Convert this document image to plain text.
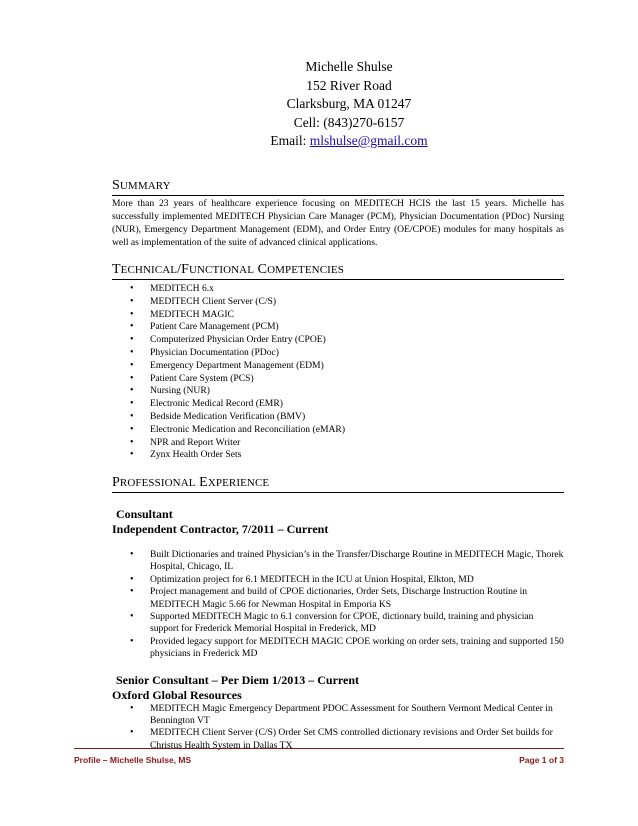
Michelle Shulse
152 River Road
Clarksburg, MA 01247
Cell: (843)270-6157
Email: mlshulse@gmail.com
SUMMARY
More than 23 years of healthcare experience focusing on MEDITECH HCIS the last 15 years. Michelle has successfully implemented MEDITECH Physician Care Manager (PCM), Physician Documentation (PDoc) Nursing (NUR), Emergency Department Management (EDM), and Order Entry (OE/CPOE) modules for many hospitals as well as implementation of the suite of advanced clinical applications.
TECHNICAL/FUNCTIONAL COMPETENCIES
• MEDITECH 6.x
• MEDITECH Client Server (C/S)
• MEDITECH MAGIC
• Patient Care Management (PCM)
• Computerized Physician Order Entry (CPOE)
• Physician Documentation (PDoc)
• Emergency Department Management (EDM)
• Patient Care System (PCS)
• Nursing (NUR)
• Electronic Medical Record (EMR)
• Bedside Medication Verification (BMV)
• Electronic Medication and Reconciliation (eMAR)
• NPR and Report Writer
• Zynx Health Order Sets
PROFESSIONAL EXPERIENCE
Consultant
Independent Contractor, 7/2011 – Current
• Built Dictionaries and trained Physician’s in the Transfer/Discharge Routine in MEDITECH Magic, Thorek Hospital, Chicago, IL
• Optimization project for 6.1 MEDITECH in the ICU at Union Hospital, Elkton, MD
• Project management and build of CPOE dictionaries, Order Sets, Discharge Instruction Routine in MEDITECH Magic 5.66 for Newman Hospital in Emporia KS
• Supported MEDITECH Magic to 6.1 conversion for CPOE, dictionary build, training and physician support for Frederick Memorial Hospital in Frederick, MD
• Provided legacy support for MEDITECH MAGIC CPOE working on order sets, training and supported 150 physicians in Frederick MD
Senior Consultant – Per Diem 1/2013 – Current
Oxford Global Resources
• MEDITECH Magic Emergency Department PDOC Assessment for Southern Vermont Medical Center in Bennington VT
• MEDITECH Client Server (C/S) Order Set CMS controlled dictionary revisions and Order Set builds for Christus Health System in Dallas TX
Profile – Michelle Shulse, MS	Page 1 of 3
